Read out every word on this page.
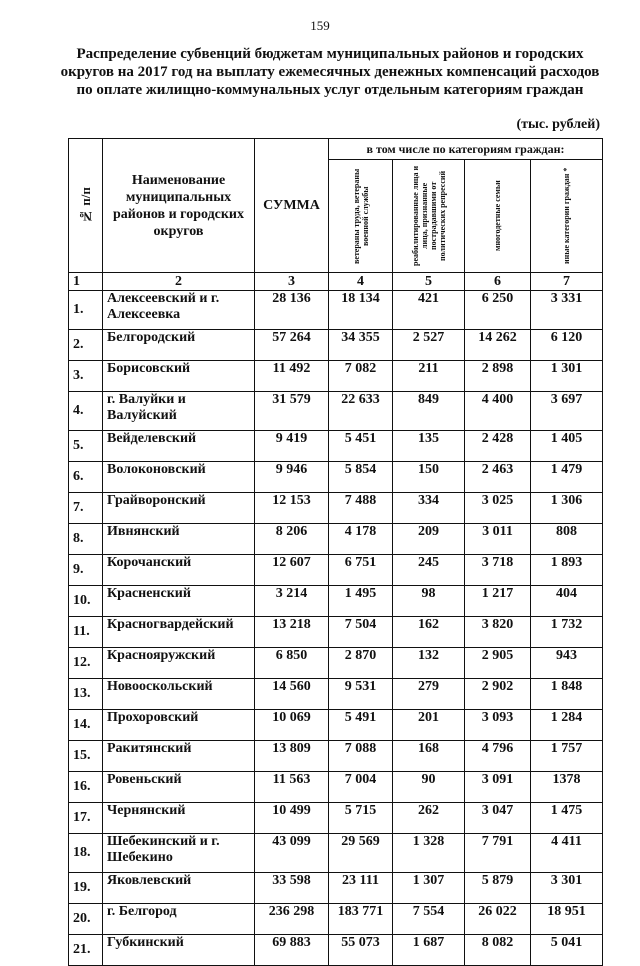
159
Распределение субвенций бюджетам муниципальных районов и городских округов на 2017 год на выплату ежемесячных денежных компенсаций расходов по оплате жилищно-коммунальных услуг отдельным категориям граждан
(тыс. рублей)
№ п/п	Наименование муниципальных районов и городских округов	СУММА	в том числе по категориям граждан:			

			ветераны труда, ветераны военной службы	реабилитированные лица и лица, признанные пострадавшими от политических репрессий	многодетные семьи	иные категории граждан *

1	2	3	4	5	6	7
1.	Алексеевский и г. Алексеевка	28 136	18 134	421	6 250	3 331
2.	Белгородский	57 264	34 355	2 527	14 262	6 120
3.	Борисовский	11 492	7 082	211	2 898	1 301
4.	г. Валуйки и Валуйский	31 579	22 633	849	4 400	3 697
5.	Вейделевский	9 419	5 451	135	2 428	1 405
6.	Волоконовский	9 946	5 854	150	2 463	1 479
7.	Грайворонский	12 153	7 488	334	3 025	1 306
8.	Ивнянский	8 206	4 178	209	3 011	808
9.	Корочанский	12 607	6 751	245	3 718	1 893
10.	Красненский	3 214	1 495	98	1 217	404
11.	Красногвардейский	13 218	7 504	162	3 820	1 732
12.	Краснояружский	6 850	2 870	132	2 905	943
13.	Новооскольский	14 560	9 531	279	2 902	1 848
14.	Прохоровский	10 069	5 491	201	3 093	1 284
15.	Ракитянский	13 809	7 088	168	4 796	1 757
16.	Ровеньский	11 563	7 004	90	3 091	1378
17.	Чернянский	10 499	5 715	262	3 047	1 475
18.	Шебекинский и г. Шебекино	43 099	29 569	1 328	7 791	4 411
19.	Яковлевский	33 598	23 111	1 307	5 879	3 301
20.	г. Белгород	236 298	183 771	7 554	26 022	18 951
21.	Губкинский	69 883	55 073	1 687	8 082	5 041
